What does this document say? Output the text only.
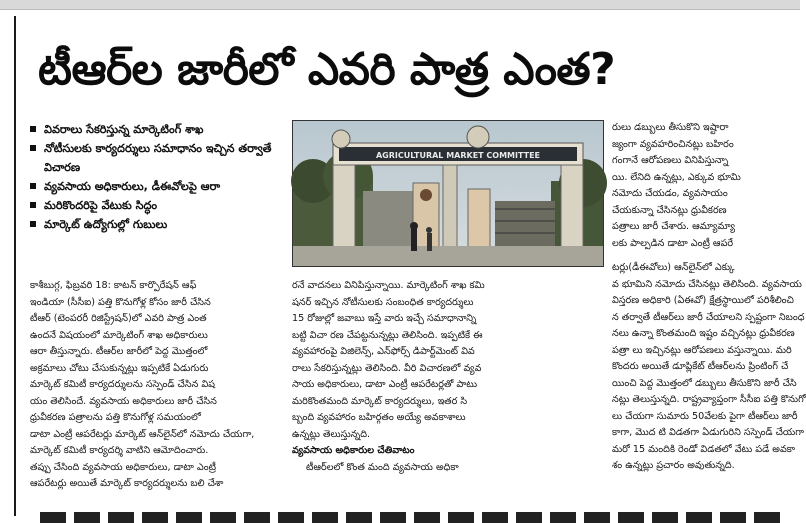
టీఆర్‌ల జారీలో ఎవరి పాత్ర ఎంత?
వివరాలు సేకరిస్తున్న మార్కెటింగ్‌ శాఖ
నోటీసులకు కార్యదర్శులు సమాధానం ఇచ్చిన తర్వాతే విచారణ
వ్యవసాయ అధికారులు, డీఈవోలపై ఆరా
మరికొందరిపై వేటుకు సిద్ధం
మార్కెట్‌ ఉద్యోగుల్లో గుబులు
AGRICULTURAL MARKET COMMITTEE
కాశీబుగ్గ, ఫిబ్రవరి 18: కాటన్‌ కార్పొరేషన్‌ ఆఫ్‌
ఇండియా (సీసీఐ) పత్తి కొనుగోళ్ల కోసం జారీ చేసిన
టీఆర్‌ (టెంపరరీ రిజిస్ట్రేషన్‌)లో ఎవరి పాత్ర ఎంత
ఉందనే విషయంలో మార్కెటింగ్‌ శాఖ అధికారులు
ఆరా తీస్తున్నారు. టీఆర్‌ల జారీలో పెద్ద మొత్తంలో
అక్రమాలు చోటు చేసుకున్నట్లు ఇప్పటికే ఏడుగురు
మార్కెట్‌ కమిటీ కార్యదర్శులను సస్పెండ్‌ చేసిన విష
యం తెలిసిందే. వ్యవసాయ అధికారులు జారీ చేసిన
ధ్రువీకరణ పత్రాలను పత్తి కొనుగోళ్ల సమయంలో
డాటా ఎంట్రీ ఆపరేటర్లు మార్కెట్‌ ఆన్‌లైన్‌లో నమోదు చేయగా,
మార్కెట్‌ కమిటీ కార్యదర్శి వాటిని ఆమోదించారు.
తప్పు చేసింది వ్యవసాయ అధికారులు, డాటా ఎంట్రీ
ఆపరేటర్లు అయితే మార్కెట్‌ కార్యదర్శులను బలి చేశా
రనే వాదనలు వినిపిస్తున్నాయి. మార్కెటింగ్‌ శాఖ కమి
షనర్‌ ఇచ్చిన నోటీసులకు సంబంధిత కార్యదర్శులు
15 రోజుల్లో జవాబు ఇస్తే వారు ఇచ్చే సమాధానాన్ని
బట్టి విచా రణ చేపట్టనున్నట్లు తెలిసింది. ఇప్పటికే ఈ
వ్యవహారంపై విజిలెన్స్‌, ఎన్‌ఫోర్స్‌ డిపార్ట్‌మెంట్‌ వివ
రాలు సేకరిస్తున్నట్లు తెలిసింది. వీరి విచారణలో వ్యవ
సాయ అధికారులు, డాటా ఎంట్రీ ఆపరేటర్లతో పాటు
మరికొంతమంది మార్కెట్‌ కార్యదర్శులు, ఇతర సి
బ్బంది వ్యవహారం బహిర్గతం అయ్యే అవకాశాలు
ఉన్నట్లు తెలుస్తున్నది.
వ్యవసాయ అధికారుల చేతివాటం
టీఆర్‌లలో కొంత మంది వ్యవసాయ అధికా
రులు డబ్బులు తీసుకొని ఇష్టారా
జ్యంగా వ్యవహరించినట్లు బహిరం
గంగానే ఆరోపణలు వినిపిస్తున్నా
యి. లేనిది ఉన్నట్లు, ఎక్కువ భూమి
నమోదు చేయడం, వ్యవసాయం
చేయకున్నా చేసినట్లు ధ్రువీకరణ
పత్రాలు జారీ చేశారు. ఆమ్యామ్యా
లకు పాల్పడిన డాటా ఎంట్రీ ఆపరే
టర్లు(డీఈవోలు) ఆన్‌లైన్‌లో ఎక్కు
వ భూమిని నమోదు చేసినట్లు తెలిసింది. వ్యవసాయ
విస్తరణ అధికారి (ఏఈవో) క్షేత్రస్థాయిలో పరిశీలించి
న తర్వాతే టీఆర్‌లు జారీ చేయాలని స్పష్టంగా నిబంధ
నలు ఉన్నా కొంతమంది ఇష్టం వచ్చినట్లు ధ్రువీకరణ
పత్రా లు ఇచ్చినట్లు ఆరోపణలు వస్తున్నాయి. మరి
కొందరు అయితే డూప్లికేట్‌ టీఆర్‌లను ప్రింటింగ్‌ చే
యించి పెద్ద మొత్తంలో డబ్బులు తీసుకొని జారీ చేసి
నట్లు తెలుస్తున్నది. రాష్ట్రవ్యాప్తంగా సీసీఐ పత్తి కొనుగో
లు చేయగా సుమారు 50వేలకు పైగా టీఆర్‌లు జారీ
కాగా, మొద టి విడతగా ఏడుగురిని సస్పెండ్‌ చేయగా
మరో 15 మందికి రెండో విడతలో వేటు పడే అవకా
శం ఉన్నట్లు ప్రచారం అవుతున్నది.
